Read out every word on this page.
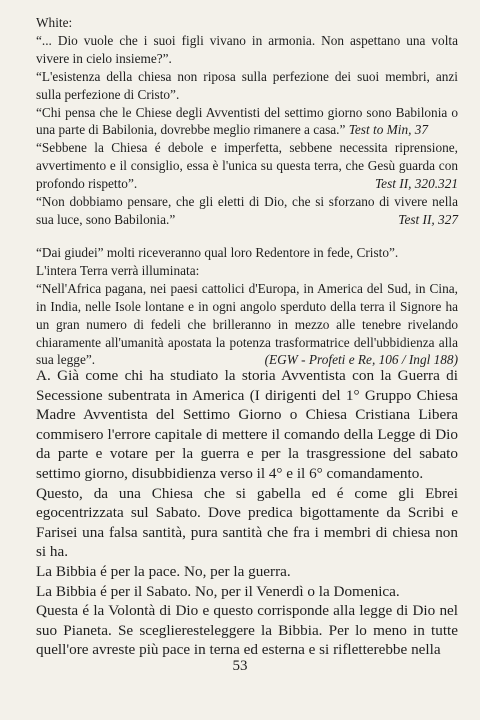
White:

“... Dio vuole che i suoi figli vivano in armonia. Non aspettano una volta vivere in cielo insieme?”.

“L'esistenza della chiesa non riposa sulla perfezione dei suoi membri, anzi sulla perfezione di Cristo”.

“Chi pensa che le Chiese degli Avventisti del settimo giorno sono Babilonia o una parte di Babilonia, dovrebbe meglio rimanere a casa.” Test to Min, 37

“Sebbene la Chiesa é debole e imperfetta, sebbene necessita riprensione, avvertimento e il consiglio, essa è l'unica su questa terra, che Gesù guarda con profondo rispetto”.	Test II, 320.321

“Non dobbiamo pensare, che gli eletti di Dio, che si sforzano di vivere nella sua luce, sono Babilonia.”	Test II, 327

“Dai giudei” molti riceveranno qual loro Redentore in fede, Cristo”.

L'intera Terra verrà illuminata:

“Nell'Africa pagana, nei paesi cattolici d'Europa, in America del Sud, in Cina, in India, nelle Isole lontane e in ogni angolo sperduto della terra il Signore ha un gran numero di fedeli che brilleranno in mezzo alle tenebre rivelando chiaramente all'umanità apostata la potenza trasformatrice dell'ubbidienza alla sua legge”.	(EGW - Profeti e Re, 106 / Ingl 188)

A. Già come chi ha studiato la storia Avventista con la Guerra di Secessione subentrata in America (I dirigenti del 1° Gruppo Chiesa Madre Avventista del Settimo Giorno o Chiesa Cristiana Libera commisero l'errore capitale di mettere il comando della Legge di Dio da parte e votare per la guerra e per la trasgressione del sabato settimo giorno, disubbidienza verso il 4° e il 6° comandamento.

Questo, da una Chiesa che si gabella ed é come gli Ebrei egocentrizzata sul Sabato. Dove predica bigottamente da Scribi e Farisei una falsa santità, pura santità che fra i membri di chiesa non si ha.

La Bibbia é per la pace. No, per la guerra.

La Bibbia é per il Sabato. No, per il Venerdì o la Domenica.

Questa é la Volontà di Dio e questo corrisponde alla legge di Dio nel suo Pianeta. Se sceglieresteleggere la Bibbia. Per lo meno in tutte quell'ore avreste più pace in terna ed esterna e si rifletterebbe nella

53
